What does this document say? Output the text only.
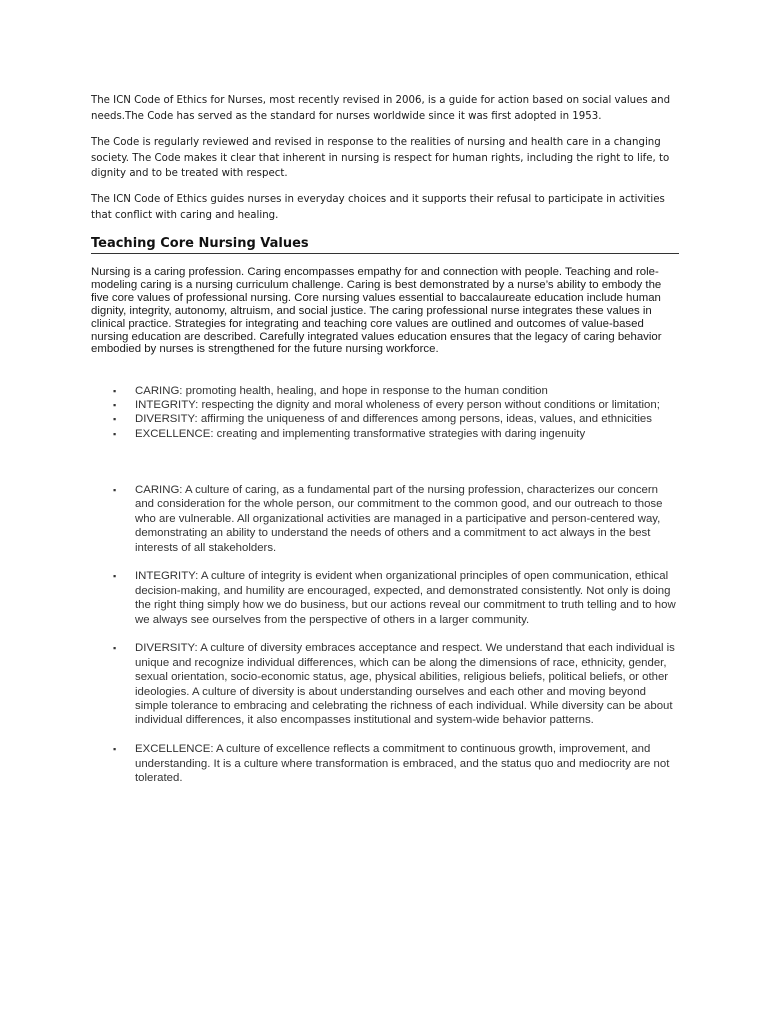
The ICN Code of Ethics for Nurses, most recently revised in 2006, is a guide for action based on social values and needs.The Code has served as the standard for nurses worldwide since it was first adopted in 1953.

The Code is regularly reviewed and revised in response to the realities of nursing and health care in a changing society. The Code makes it clear that inherent in nursing is respect for human rights, including the right to life, to dignity and to be treated with respect.

The ICN Code of Ethics guides nurses in everyday choices and it supports their refusal to participate in activities that conflict with caring and healing.

Teaching Core Nursing Values

Nursing is a caring profession. Caring encompasses empathy for and connection with people. Teaching and role-modeling caring is a nursing curriculum challenge. Caring is best demonstrated by a nurse’s ability to embody the five core values of professional nursing. Core nursing values essential to baccalaureate education include human dignity, integrity, autonomy, altruism, and social justice. The caring professional nurse integrates these values in clinical practice. Strategies for integrating and teaching core values are outlined and outcomes of value-based nursing education are described. Carefully integrated values education ensures that the legacy of caring behavior embodied by nurses is strengthened for the future nursing workforce.

▪ CARING: promoting health, healing, and hope in response to the human condition
▪ INTEGRITY: respecting the dignity and moral wholeness of every person without conditions or limitation;
▪ DIVERSITY: affirming the uniqueness of and differences among persons, ideas, values, and ethnicities
▪ EXCELLENCE: creating and implementing transformative strategies with daring ingenuity
▪ CARING: A culture of caring, as a fundamental part of the nursing profession, characterizes our concern and consideration for the whole person, our commitment to the common good, and our outreach to those who are vulnerable. All organizational activities are managed in a participative and person-centered way, demonstrating an ability to understand the needs of others and a commitment to act always in the best interests of all stakeholders.
▪ INTEGRITY: A culture of integrity is evident when organizational principles of open communication, ethical decision-making, and humility are encouraged, expected, and demonstrated consistently. Not only is doing the right thing simply how we do business, but our actions reveal our commitment to truth telling and to how we always see ourselves from the perspective of others in a larger community.
▪ DIVERSITY: A culture of diversity embraces acceptance and respect. We understand that each individual is unique and recognize individual differences, which can be along the dimensions of race, ethnicity, gender, sexual orientation, socio-economic status, age, physical abilities, religious beliefs, political beliefs, or other ideologies. A culture of diversity is about understanding ourselves and each other and moving beyond simple tolerance to embracing and celebrating the richness of each individual. While diversity can be about individual differences, it also encompasses institutional and system-wide behavior patterns.
▪ EXCELLENCE: A culture of excellence reflects a commitment to continuous growth, improvement, and understanding. It is a culture where transformation is embraced, and the status quo and mediocrity are not tolerated.
